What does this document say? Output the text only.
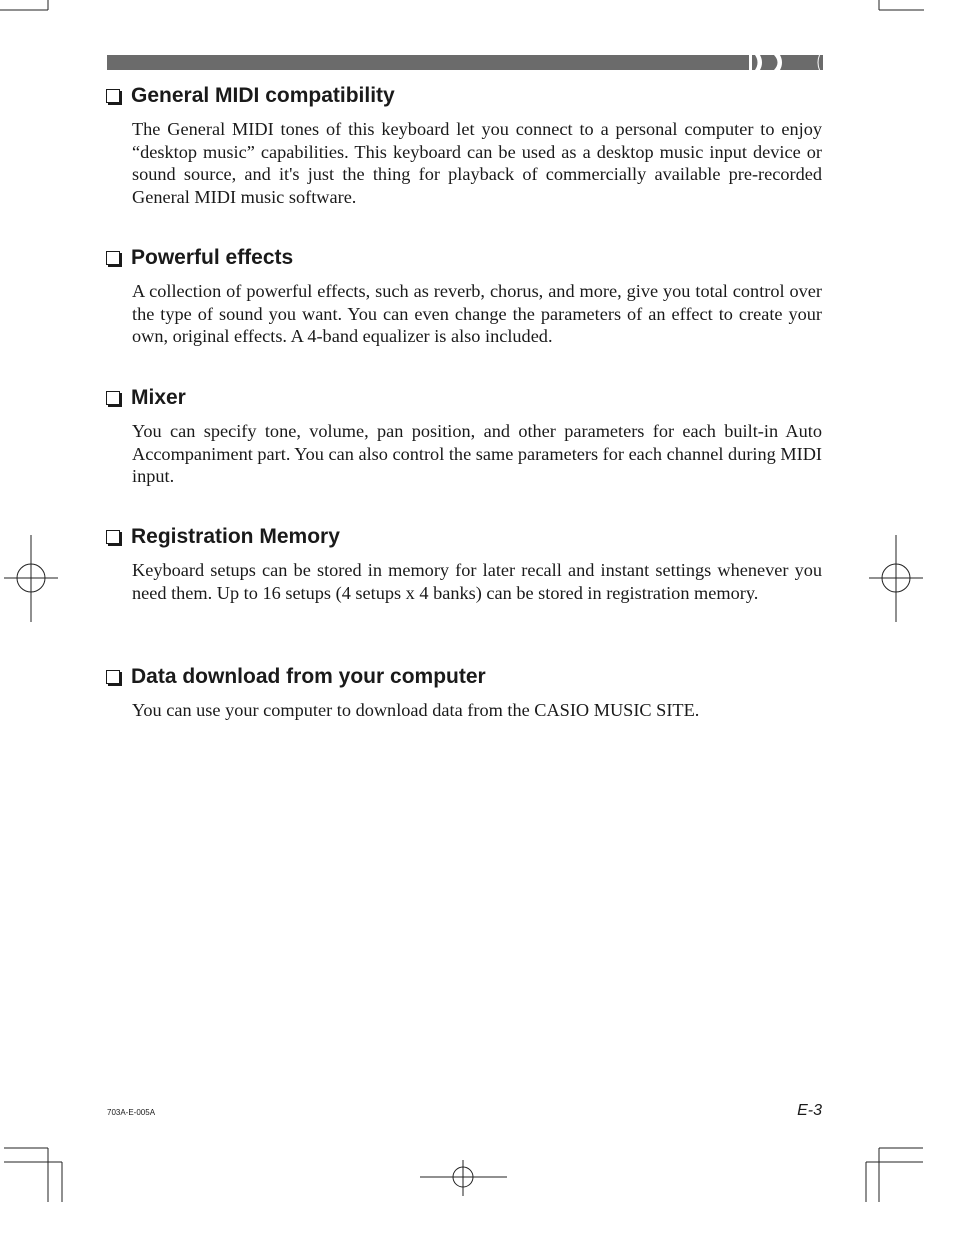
General MIDI compatibility

The General MIDI tones of this keyboard let you connect to a personal computer to enjoy “desktop music” capabilities. This keyboard can be used as a desktop music input device or sound source, and it's just the thing for playback of commercially available pre-recorded General MIDI music software.

Powerful effects

A collection of powerful effects, such as reverb, chorus, and more, give you total control over the type of sound you want. You can even change the parameters of an effect to create your own, original effects. A 4-band equalizer is also included.

Mixer

You can specify tone, volume, pan position, and other parameters for each built-in Auto Accompaniment part. You can also control the same parameters for each channel during MIDI input.

Registration Memory

Keyboard setups can be stored in memory for later recall and instant settings whenever you need them. Up to 16 setups (4 setups x 4 banks) can be stored in registration memory.

Data download from your computer

You can use your computer to download data from the CASIO MUSIC SITE.

703A-E-005A	E-3
